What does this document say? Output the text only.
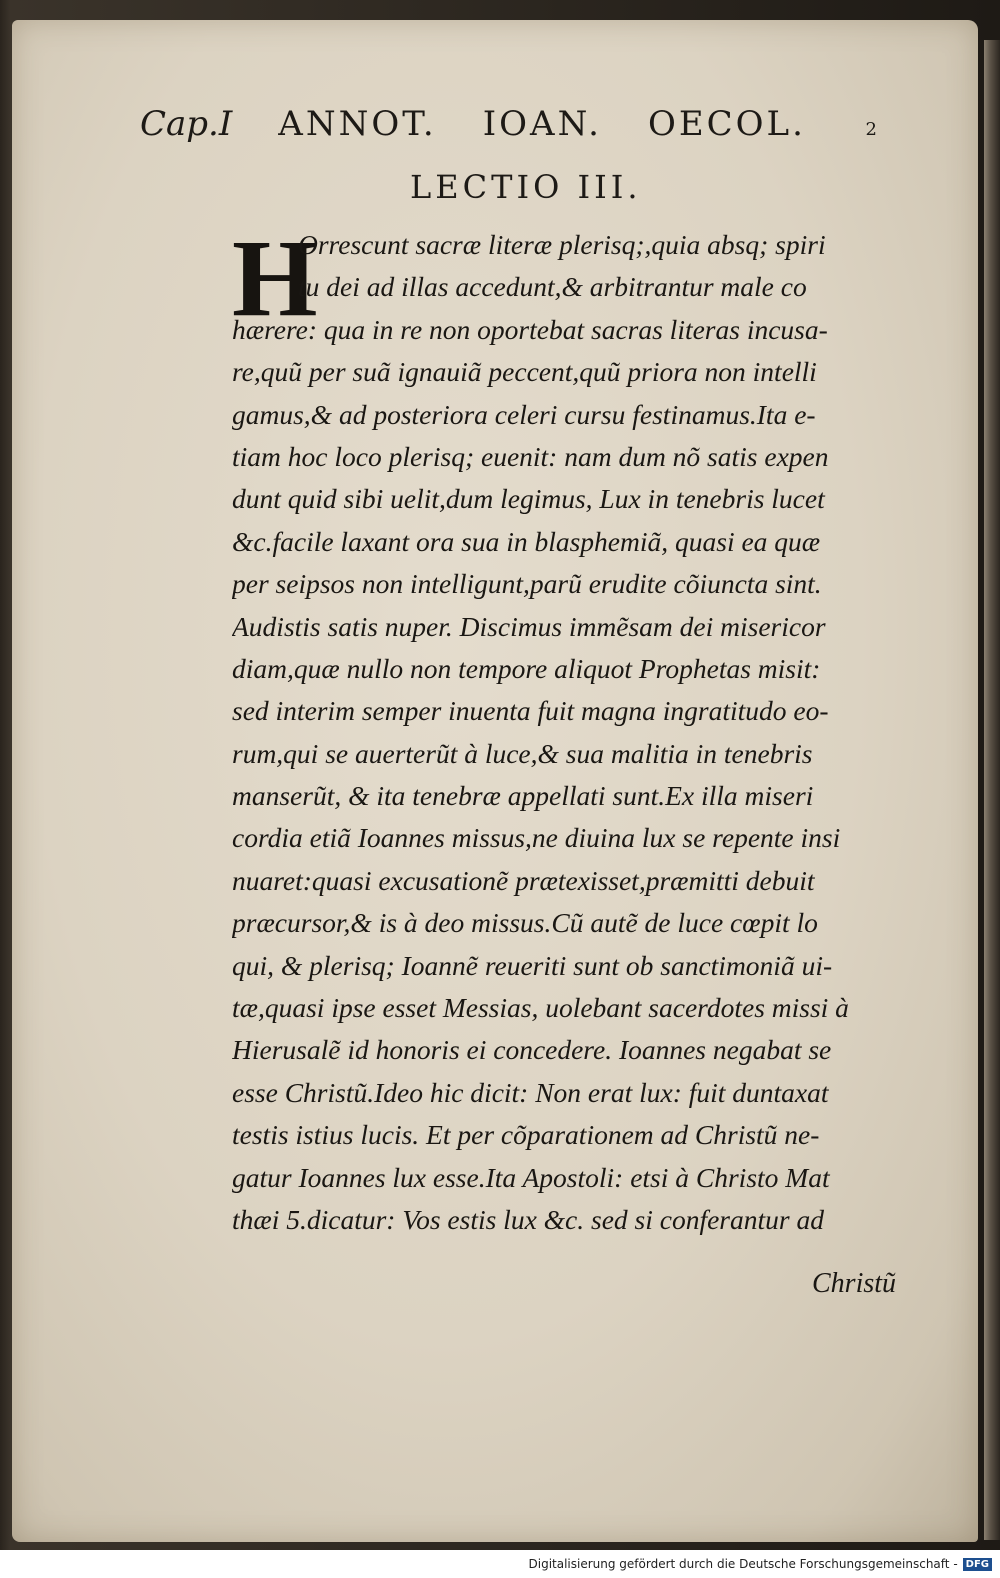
Cap.I ANNOT. IOAN. OECOL.	2
LECTIO III.
H
Orrescunt sacræ literæ plerisq;,quia absq; spiri
tu dei ad illas accedunt,& arbitrantur male co
hærere: qua in re non oportebat sacras literas incusa-
re,quũ per suã ignauiã peccent,quũ priora non intelli
gamus,& ad posteriora celeri cursu festinamus.Ita e-
tiam hoc loco plerisq; euenit: nam dum nõ satis expen
dunt quid sibi uelit,dum legimus, Lux in tenebris lucet
&c.facile laxant ora sua in blasphemiã, quasi ea quæ
per seipsos non intelligunt,parũ erudite cõiuncta sint.
Audistis satis nuper. Discimus immẽsam dei misericor
diam,quæ nullo non tempore aliquot Prophetas misit:
sed interim semper inuenta fuit magna ingratitudo eo-
rum,qui se auerterũt à luce,& sua malitia in tenebris
manserũt, & ita tenebræ appellati sunt.Ex illa miseri
cordia etiã Ioannes missus,ne diuina lux se repente insi
nuaret:quasi excusationẽ prætexisset,præmitti debuit
præcursor,& is à deo missus.Cũ autẽ de luce cœpit lo
qui, & plerisq; Ioannẽ reueriti sunt ob sanctimoniã ui-
tæ,quasi ipse esset Messias, uolebant sacerdotes missi à
Hierusalẽ id honoris ei concedere. Ioannes negabat se
esse Christũ.Ideo hic dicit: Non erat lux: fuit duntaxat
testis istius lucis. Et per cõparationem ad Christũ ne-
gatur Ioannes lux esse.Ita Apostoli: etsi à Christo Mat
thæi 5.dicatur: Vos estis lux &c. sed si conferantur ad
Christũ
Digitalisierung gefördert durch die Deutsche Forschungsgemeinschaft - DFG
